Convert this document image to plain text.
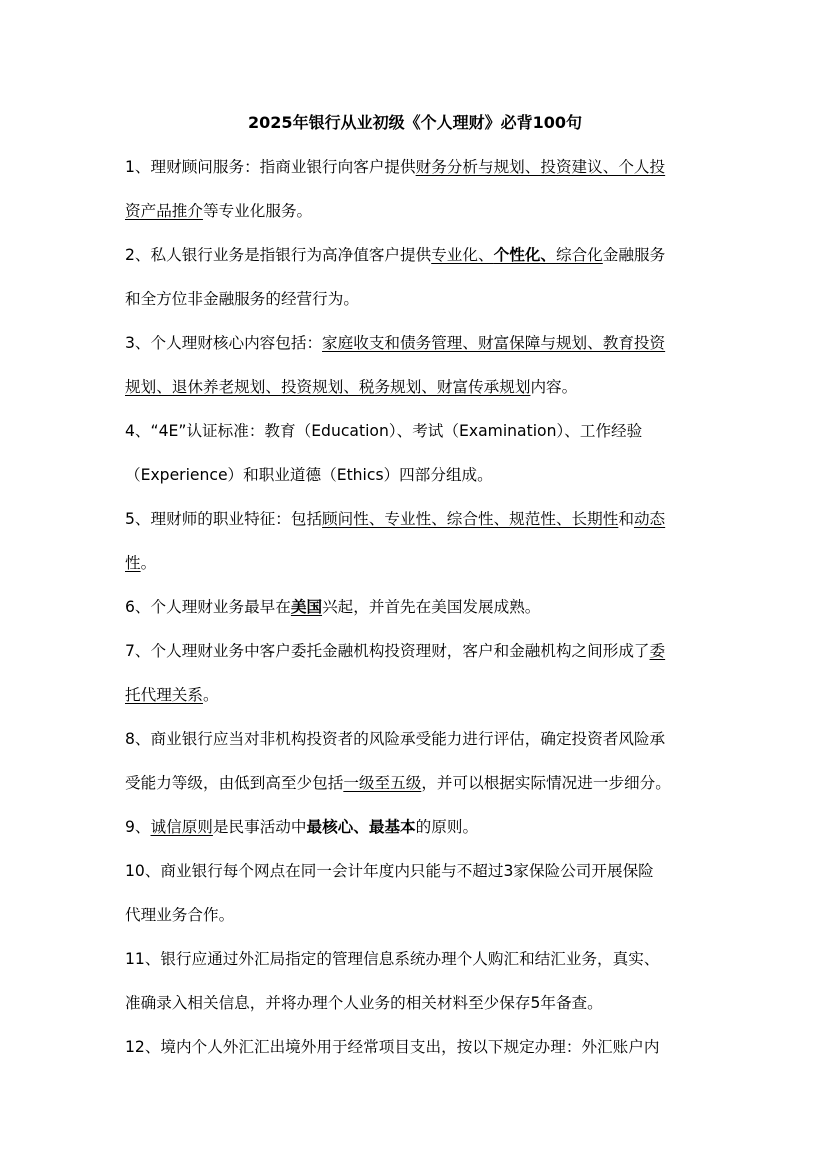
2025年银行从业初级《个人理财》必背100句
1、理财顾问服务：指商业银行向客户提供财务分析与规划、投资建议、个人投
资产品推介等专业化服务。
2、私人银行业务是指银行为高净值客户提供专业化、个性化、综合化金融服务
和全方位非金融服务的经营行为。
3、个人理财核心内容包括：家庭收支和债务管理、财富保障与规划、教育投资
规划、退休养老规划、投资规划、税务规划、财富传承规划内容。
4、“4E”认证标准：教育（Education）、考试（Examination）、工作经验
（Experience）和职业道德（Ethics）四部分组成。
5、理财师的职业特征：包括顾问性、专业性、综合性、规范性、长期性和动态
性。
6、个人理财业务最早在美国兴起，并首先在美国发展成熟。
7、个人理财业务中客户委托金融机构投资理财，客户和金融机构之间形成了委
托代理关系。
8、商业银行应当对非机构投资者的风险承受能力进行评估，确定投资者风险承
受能力等级，由低到高至少包括一级至五级，并可以根据实际情况进一步细分。
9、诚信原则是民事活动中最核心、最基本的原则。
10、商业银行每个网点在同一会计年度内只能与不超过3家保险公司开展保险
代理业务合作。
11、银行应通过外汇局指定的管理信息系统办理个人购汇和结汇业务，真实、
准确录入相关信息，并将办理个人业务的相关材料至少保存5年备查。
12、境内个人外汇汇出境外用于经常项目支出，按以下规定办理：外汇账户内
